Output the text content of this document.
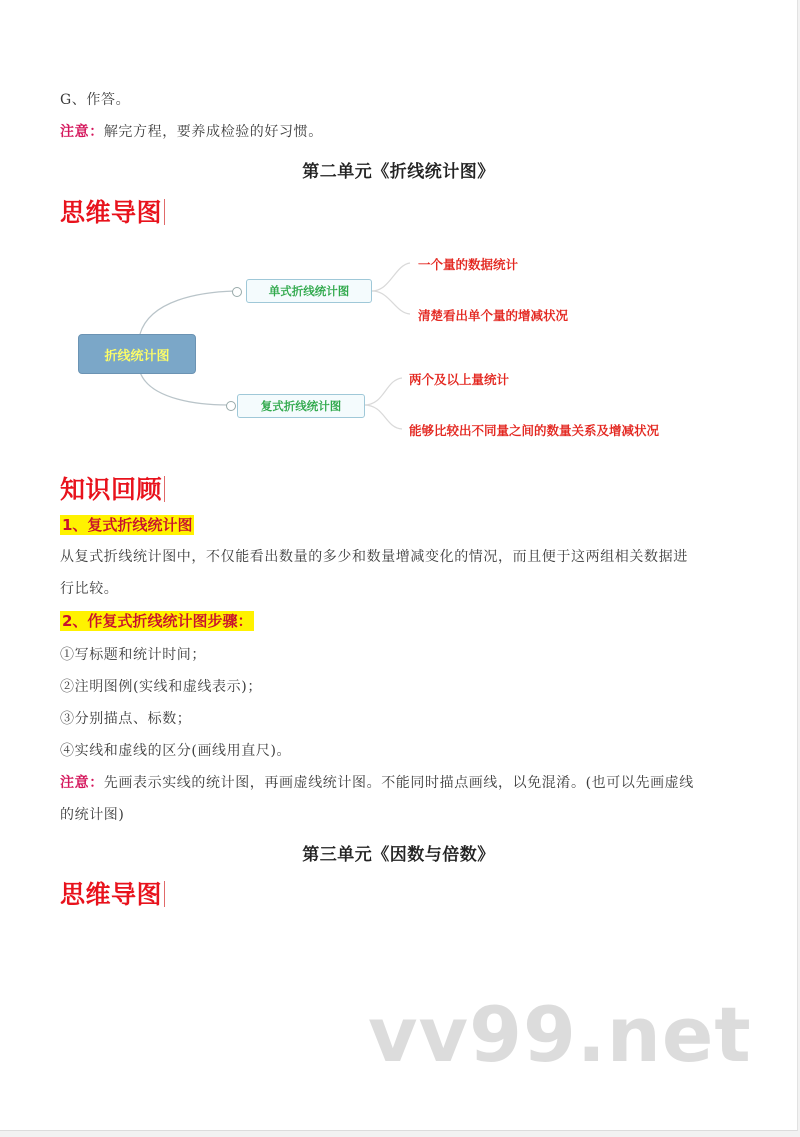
G、作答。
注意：解完方程，要养成检验的好习惯。
第二单元《折线统计图》
思维导图
折线统计图
单式折线统计图
复式折线统计图
一个量的数据统计
清楚看出单个量的增减状况
两个及以上量统计
能够比较出不同量之间的数量关系及增减状况
知识回顾
1、复式折线统计图
从复式折线统计图中，不仅能看出数量的多少和数量增减变化的情况，而且便于这两组相关数据进
行比较。
2、作复式折线统计图步骤：
①写标题和统计时间；
②注明图例(实线和虚线表示)；
③分别描点、标数；
④实线和虚线的区分(画线用直尺)。
注意：先画表示实线的统计图，再画虚线统计图。不能同时描点画线，以免混淆。(也可以先画虚线
的统计图)
第三单元《因数与倍数》
思维导图
vv99.net
